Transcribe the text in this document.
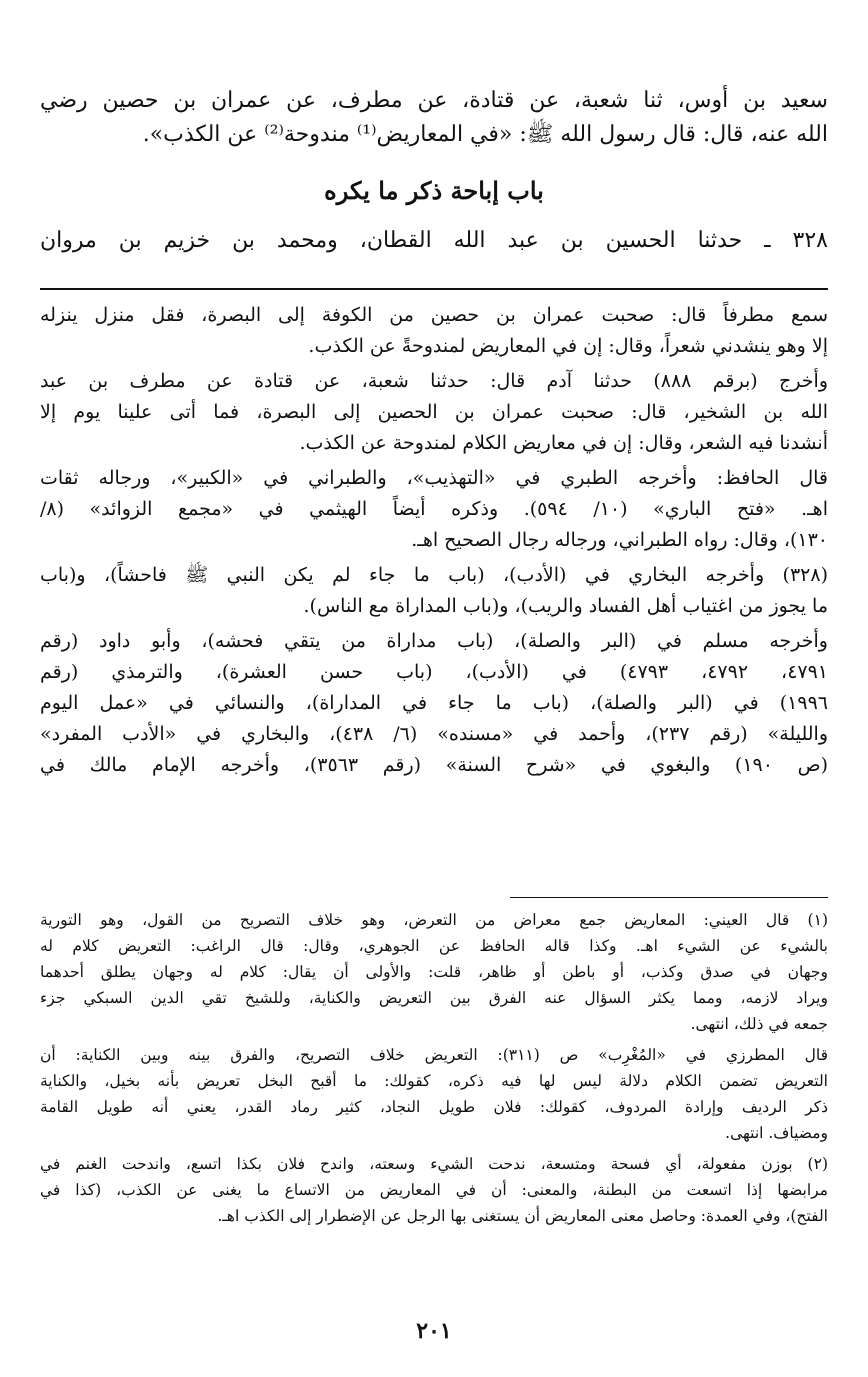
سعيد بن أوس، ثنا شعبة، عن قتادة، عن مطرف، عن عمران بن حصين رضي
الله عنه، قال: قال رسول الله ﷺ: «في المعاريض⁽¹⁾ مندوحة⁽²⁾ عن الكذب».
باب إباحة ذكر ما يكره
٣٢٨ ـ حدثنا الحسين بن عبد الله القطان، ومحمد بن خزيم بن مروان
سمع مطرفاً قال: صحبت عمران بن حصين من الكوفة إلى البصرة، فقل منزل ينزله
إلا وهو ينشدني شعراً، وقال: إن في المعاريض لمندوحةً عن الكذب.
وأخرج (برقم ٨٨٨) حدثنا آدم قال: حدثنا شعبة، عن قتادة عن مطرف بن عبد
الله بن الشخير، قال: صحبت عمران بن الحصين إلى البصرة، فما أتى علينا يوم إلا
أنشدنا فيه الشعر، وقال: إن في معاريض الكلام لمندوحة عن الكذب.
قال الحافظ: وأخرجه الطبري في «التهذيب»، والطبراني في «الكبير»، ورجاله ثقات
اهـ. «فتح الباري» (١٠/ ٥٩٤). وذكره أيضاً الهيثمي في «مجمع الزوائد» (٨/
١٣٠)، وقال: رواه الطبراني، ورجاله رجال الصحيح اهـ.
(٣٢٨) وأخرجه البخاري في (الأدب)، (باب ما جاء لم يكن النبي ﷺ فاحشاً)، و(باب
ما يجوز من اغتياب أهل الفساد والريب)، و(باب المداراة مع الناس).
وأخرجه مسلم في (البر والصلة)، (باب مداراة من يتقي فحشه)، وأبو داود (رقم
٤٧٩١، ٤٧٩٢، ٤٧٩٣) في (الأدب)، (باب حسن العشرة)، والترمذي (رقم
١٩٩٦) في (البر والصلة)، (باب ما جاء في المداراة)، والنسائي في «عمل اليوم
والليلة» (رقم ٢٣٧)، وأحمد في «مسنده» (٦/ ٤٣٨)، والبخاري في «الأدب المفرد»
(ص ١٩٠) والبغوي في «شرح السنة» (رقم ٣٥٦٣)، وأخرجه الإمام مالك في
(١) قال العيني: المعاريض جمع معراض من التعرض، وهو خلاف التصريح من القول، وهو التورية
بالشيء عن الشيء اهـ. وكذا قاله الحافظ عن الجوهري، وقال: قال الراغب: التعريض كلام له
وجهان في صدق وكذب، أو باطن أو ظاهر، قلت: والأولى أن يقال: كلام له وجهان يطلق أحدهما
ويراد لازمه، ومما يكثر السؤال عنه الفرق بين التعريض والكناية، وللشيخ تقي الدين السبكي جزء
جمعه في ذلك، انتهى.
قال المطرزي في «المُغْرِب» ص (٣١١): التعريض خلاف التصريح، والفرق بينه وبين الكناية: أن
التعريض تضمن الكلام دلالة ليس لها فيه ذكره، كقولك: ما أقبح البخل تعريض بأنه بخيل، والكناية
ذكر الرديف وإرادة المردوف، كقولك: فلان طويل النجاد، كثير رماد القدر، يعني أنه طويل القامة
ومضياف. انتهى.
(٢) بوزن مفعولة، أي فسحة ومتسعة، ندحت الشيء وسعته، واندح فلان بكذا اتسع، واندحت الغنم في
مرابضها إذا اتسعت من البطنة، والمعنى: أن في المعاريض من الاتساع ما يغنى عن الكذب، (كذا في
الفتح)، وفي العمدة: وحاصل معنى المعاريض أن يستغنى بها الرجل عن الإضطرار إلى الكذب اهـ.
٢٠١
